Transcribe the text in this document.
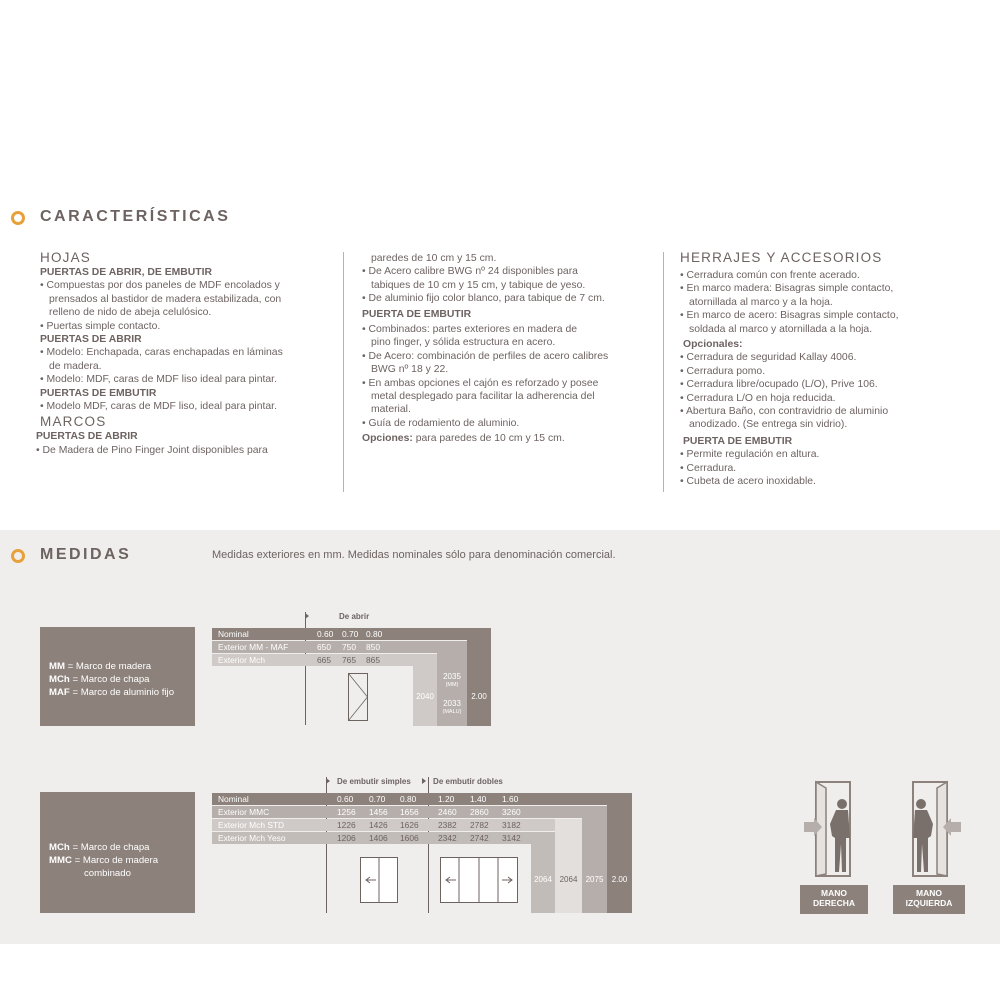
CARACTERÍSTICAS
HOJAS
PUERTAS DE ABRIR, DE EMBUTIR
• Compuestas por dos paneles de MDF encolados y
prensados al bastidor de madera estabilizada, con
relleno de nido de abeja celulósico.
• Puertas simple contacto.
PUERTAS DE ABRIR
• Modelo: Enchapada, caras enchapadas en láminas
de madera.
• Modelo: MDF, caras de MDF liso ideal para pintar.
PUERTAS DE EMBUTIR
• Modelo MDF, caras de MDF liso, ideal para pintar.
MARCOS
PUERTAS DE ABRIR
• De Madera de Pino Finger Joint disponibles para
paredes de 10 cm y 15 cm.
• De Acero calibre BWG nº 24 disponibles para
tabiques de 10 cm y 15 cm, y tabique de yeso.
• De aluminio fijo color blanco, para tabique de 7 cm.
PUERTA DE EMBUTIR
• Combinados: partes exteriores en madera de
pino finger, y sólida estructura en acero.
• De Acero: combinación de perfiles de acero calibres
BWG nº 18 y 22.
• En ambas opciones el cajón es reforzado y posee
metal desplegado para facilitar la adherencia del
material.
• Guía de rodamiento de aluminio.
Opciones: para paredes de 10 cm y 15 cm.
HERRAJES Y ACCESORIOS
• Cerradura común con frente acerado.
• En marco madera: Bisagras simple contacto,
atornillada al marco y a la hoja.
• En marco de acero: Bisagras simple contacto,
soldada al marco y atornillada a la hoja.
Opcionales:
• Cerradura de seguridad Kallay 4006.
• Cerradura pomo.
• Cerradura libre/ocupado (L/O), Prive 106.
• Cerradura L/O en hoja reducida.
• Abertura Baño, con contravidrio de aluminio
anodizado. (Se entrega sin vidrio).
PUERTA DE EMBUTIR
• Permite regulación en altura.
• Cerradura.
• Cubeta de acero inoxidable.
MEDIDAS	Medidas exteriores en mm. Medidas nominales sólo para denominación comercial.
MM = Marco de madera
MCh = Marco de chapa
MAF = Marco de aluminio fijo
De abrir
Nominal	0.60 0.70 0.80
Exterior MM - MAF	650 750 850
Exterior Mch	665 765 865
2040
2035
(MM)
2033
(MALU)
2.00
MCh = Marco de chapa
MMC = Marco de madera
combinado
De embutir simples	De embutir dobles
Nominal	0.60 0.70 0.80	1.20 1.40 1.60
Exterior MMC	1256 1456 1656 2460 2860 3260
Exterior Mch STD	1226 1426 1626 2382 2782 3182
Exterior Mch Yeso	1206 1406 1606 2342 2742 3142
2064 2064	2075	2.00
MANO
DERECHA
MANO
IZQUIERDA
